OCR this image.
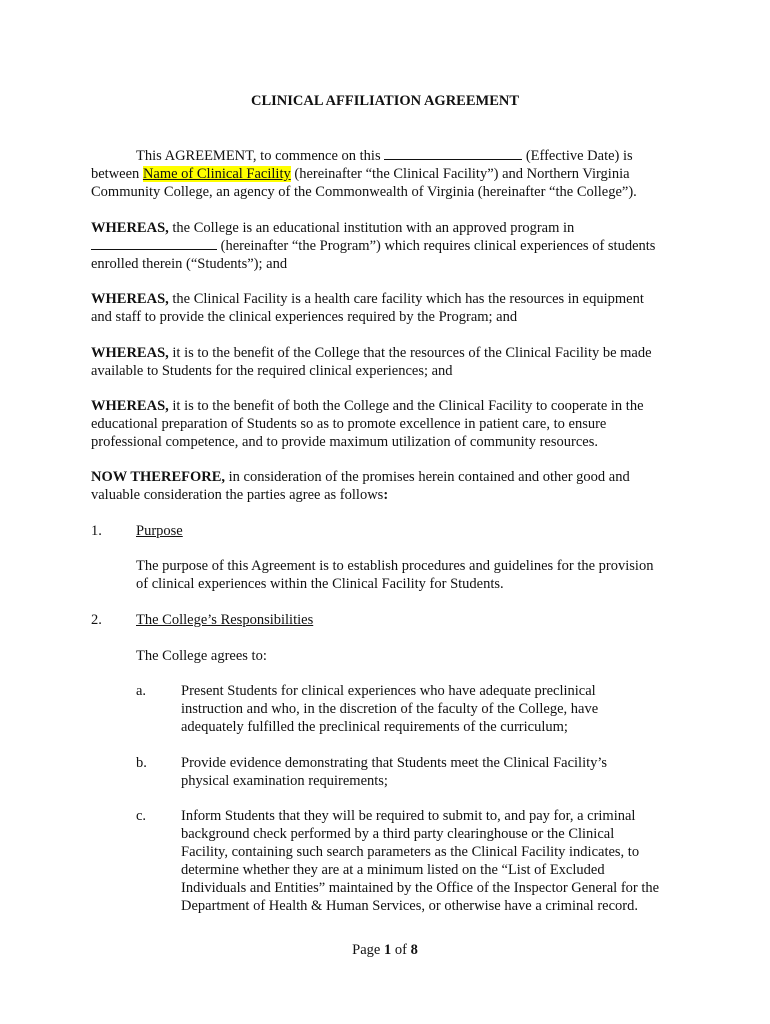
CLINICAL AFFILIATION AGREEMENT
This AGREEMENT, to commence on this	(Effective Date) is
between Name of Clinical Facility (hereinafter “the Clinical Facility”) and Northern Virginia
Community College, an agency of the Commonwealth of Virginia (hereinafter “the College”).
WHEREAS, the College is an educational institution with an approved program in
(hereinafter “the Program”) which requires clinical experiences of students
enrolled therein (“Students”); and
WHEREAS, the Clinical Facility is a health care facility which has the resources in equipment
and staff to provide the clinical experiences required by the Program; and
WHEREAS, it is to the benefit of the College that the resources of the Clinical Facility be made
available to Students for the required clinical experiences; and
WHEREAS, it is to the benefit of both the College and the Clinical Facility to cooperate in the
educational preparation of Students so as to promote excellence in patient care, to ensure
professional competence, and to provide maximum utilization of community resources.
NOW THEREFORE, in consideration of the promises herein contained and other good and
valuable consideration the parties agree as follows:
1. Purpose
The purpose of this Agreement is to establish procedures and guidelines for the provision
of clinical experiences within the Clinical Facility for Students.
2. The College’s Responsibilities
The College agrees to:
a. Present Students for clinical experiences who have adequate preclinical
instruction and who, in the discretion of the faculty of the College, have
adequately fulfilled the preclinical requirements of the curriculum;
b. Provide evidence demonstrating that Students meet the Clinical Facility’s
physical examination requirements;
c. Inform Students that they will be required to submit to, and pay for, a criminal
background check performed by a third party clearinghouse or the Clinical
Facility, containing such search parameters as the Clinical Facility indicates, to
determine whether they are at a minimum listed on the “List of Excluded
Individuals and Entities” maintained by the Office of the Inspector General for the
Department of Health & Human Services, or otherwise have a criminal record.
Page 1 of 8
